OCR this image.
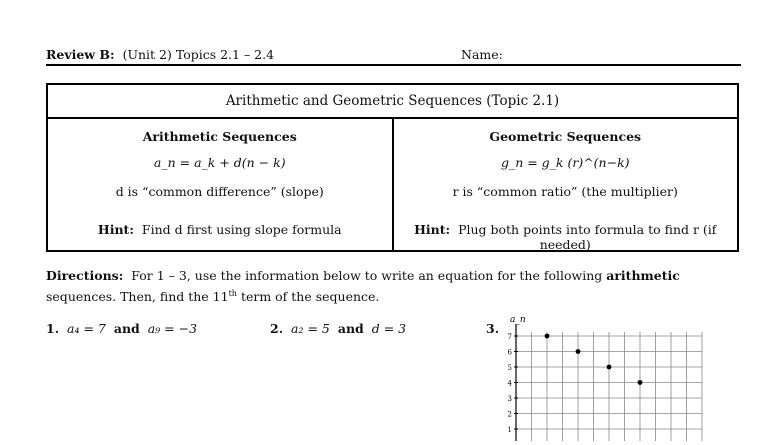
Review B: (Unit 2) Topics 2.1 – 2.4	Name:
Arithmetic and Geometric Sequences (Topic 2.1)

Arithmetic Sequences
a_n = a_k + d(n − k)
d is “common difference” (slope)
Hint: Find d first using slope formula

Geometric Sequences
g_n = g_k (r)^(n−k)
r is “common ratio” (the multiplier)
Hint: Plug both points into formula to find r (if needed)
Directions: For 1 – 3, use the information below to write an equation for the following arithmetic sequences. Then, find the 11th term of the sequence.
1. a₄ = 7 and a₉ = −3	2. a₂ = 5 and d = 3	3.
a_n
7
6
5
4
3
2
1
